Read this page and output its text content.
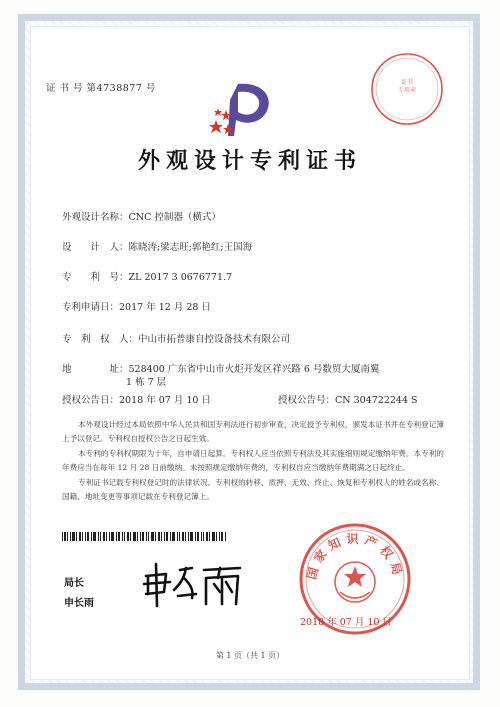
证 书 号 第4738877 号
证书
专用章
外观设计专利证书
外观设计名称：CNC 控制器（横式）
设　　计　人：陈晓涛;梁志旺;郭艳红;王国海
专　　利　号：ZL 2017 3 0676771.7
专利申请日：2017 年 12 月 28 日
专　利　权　人：中山市拓普康自控设备技术有限公司
地　　　　址：528400 广东省中山市火炬开发区祥兴路 6 号数贸大厦南翼
1 栋 7 层
授权公告日：2018 年 07 月 10 日	授权公告号：CN 304722244 S

本外观设计经过本局依照中华人民共和国专利法进行初步审查，决定授予专利权，颁发本证书并在专利登记簿上予以登记。专利权自授权公告之日起生效。

本专利的专利权期限为十年，自申请日起算。专利权人应当依照专利法及其实施细则规定缴纳年费。本专利的年费应当在每年 12 月 28 日前缴纳。未按照规定缴纳年费的，专利权自应当缴纳年费期满之日起终止。

专利证书记载专利权登记时的法律状况。专利权的转移、质押、无效、终止、恢复和专利权人的姓名或名称、国籍、地址变更等事项记载在专利登记簿上。

局长
申长雨
国家知识产权局
2018 年 07 月 10 日
第 1 页（共 1 页）
